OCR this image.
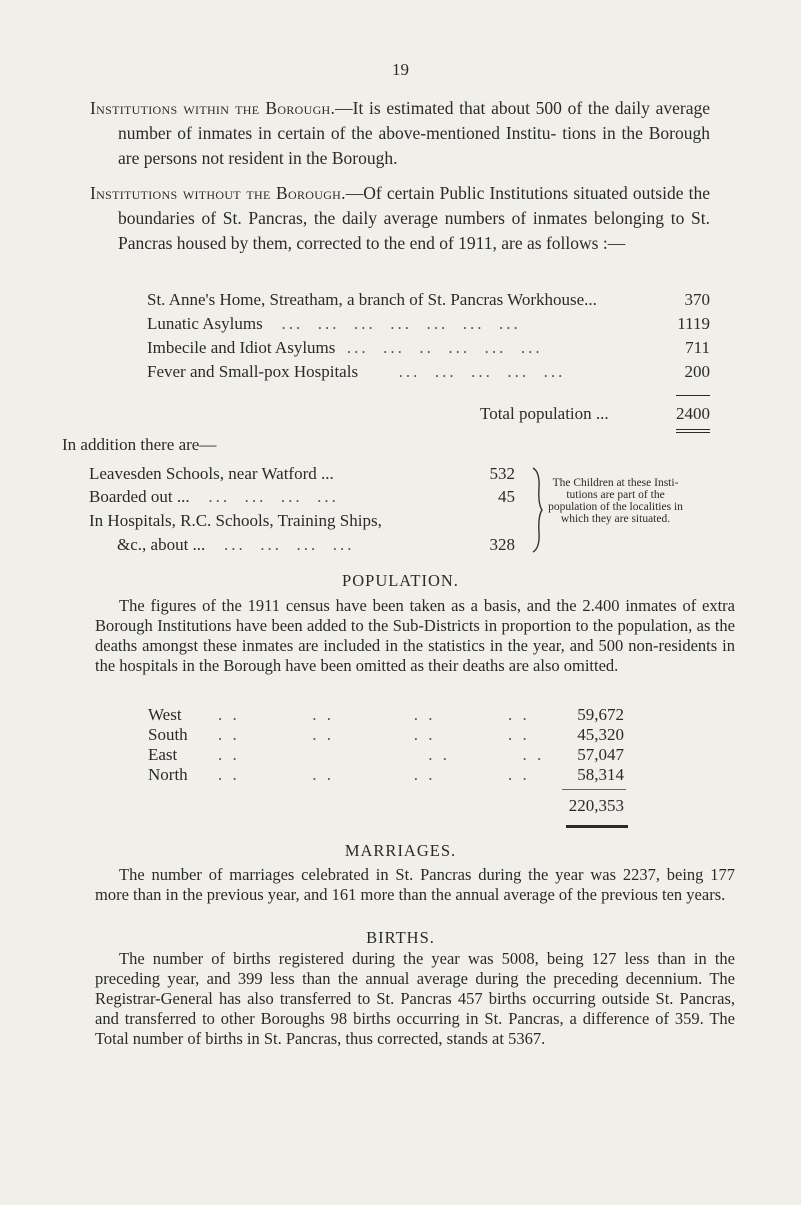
19
Institutions within the Borough.—It is estimated that about 500 of the daily average number of inmates in certain of the above-mentioned Institu- tions in the Borough are persons not resident in the Borough.
Institutions without the Borough.—Of certain Public Institutions situated outside the boundaries of St. Pancras, the daily average numbers of inmates belonging to St. Pancras housed by them, corrected to the end of 1911, are as follows :—
St. Anne's Home, Streatham, a branch of St. Pancras Workhouse...	370
Lunatic Asylums   ...  ...  ...  ...  ...  ...  ...	1119
Imbecile and Idiot Asylums  ...  ...  ..  ...  ...  ...	711
Fever and Small-pox Hospitals      ...  ...  ...  ...  ...	200
Total population ...	2400
In addition there are—
Leavesden Schools, near Watford ...	532
Boarded out ...   ...  ...  ...  ...	45
In Hospitals, R.C. Schools, Training Ships,
&c., about ...   ...  ...  ...  ...	328
The Children at these Insti- tutions are part of the population of the localities in which they are situated.
POPULATION.
The figures of the 1911 census have been taken as a basis, and the 2.400 inmates of extra Borough Institutions have been added to the Sub-Districts in proportion to the population, as the deaths amongst these inmates are included in the statistics in the year, and 500 non-residents in the hospitals in the Borough have been omitted as their deaths are also omitted.
West . .          . .           . .          . .	59,672
South . .          . .           . .          . .	45,320
East . .                          . .          . .	57,047
North . .          . .           . .          . .	58,314
220,353
MARRIAGES.
The number of marriages celebrated in St. Pancras during the year was 2237, being 177 more than in the previous year, and 161 more than the annual average of the previous ten years.
BIRTHS.
The number of births registered during the year was 5008, being 127 less than in the preceding year, and 399 less than the annual average during the preceding decennium. The Registrar-General has also transferred to St. Pancras 457 births occurring outside St. Pancras, and transferred to other Boroughs 98 births occurring in St. Pancras, a difference of 359. The Total number of births in St. Pancras, thus corrected, stands at 5367.
